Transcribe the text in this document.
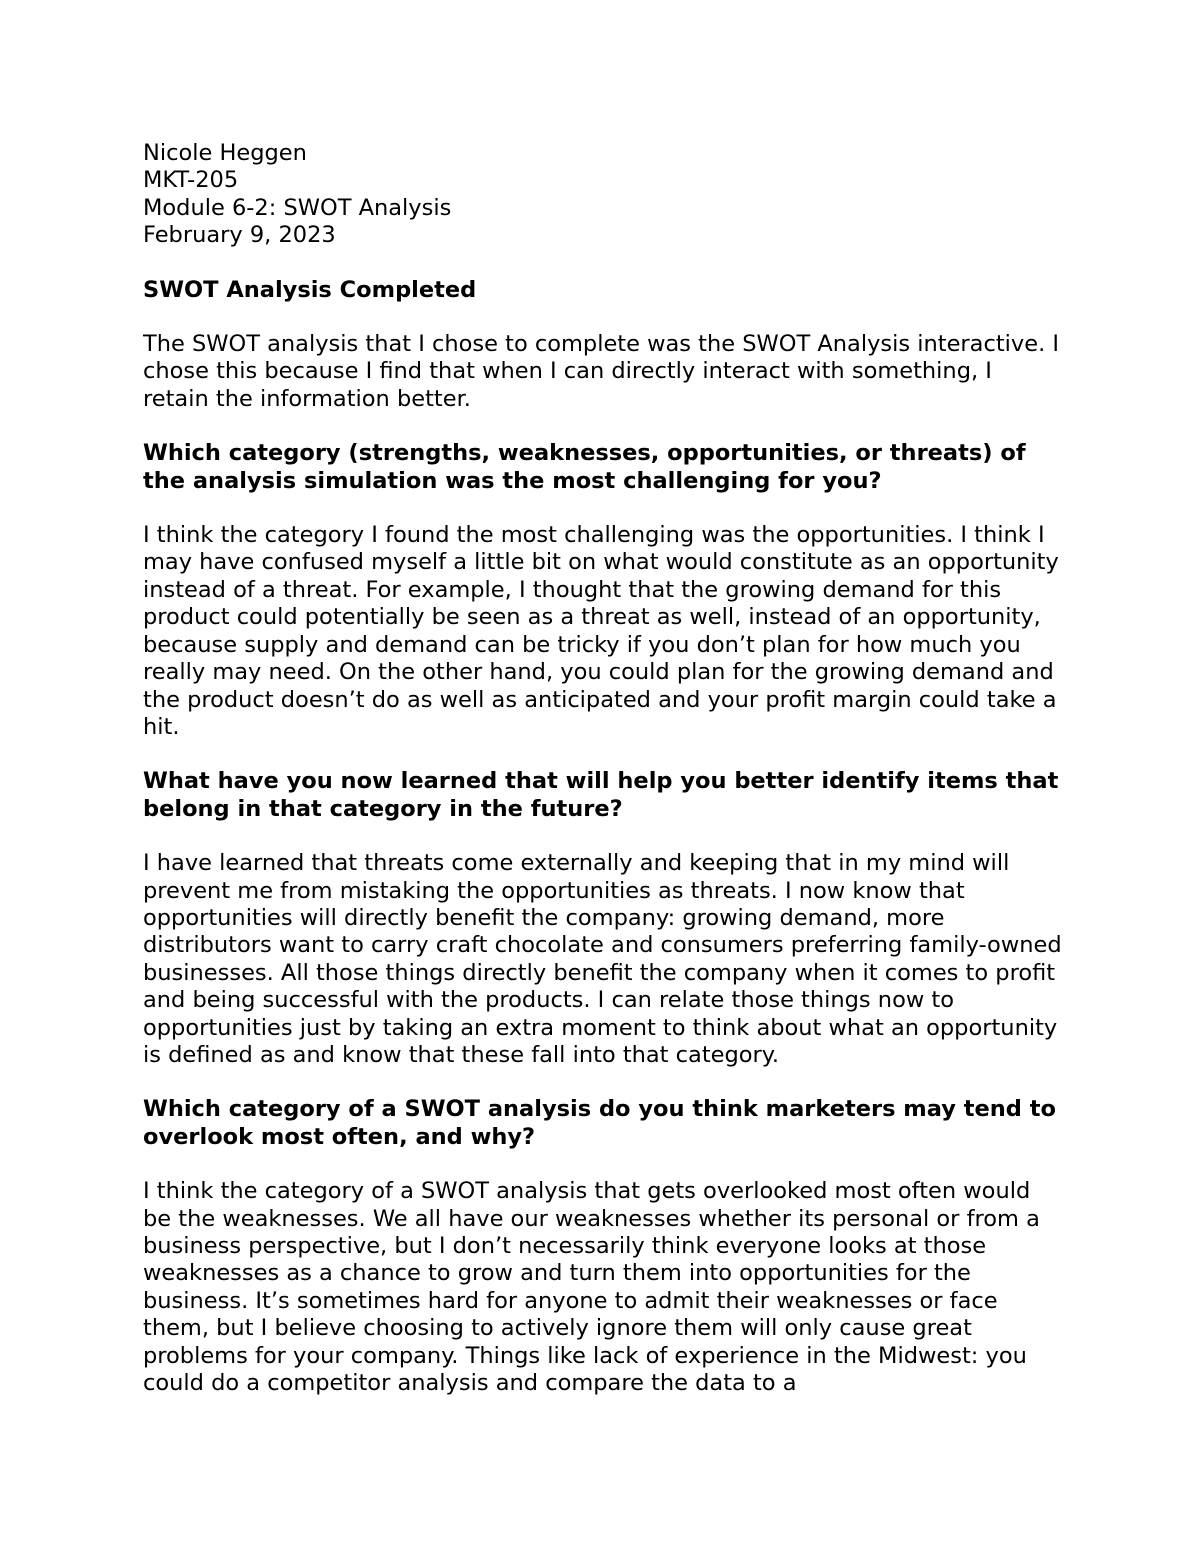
Nicole Heggen
MKT-205
Module 6-2: SWOT Analysis
February 9, 2023
SWOT Analysis Completed
The SWOT analysis that I chose to complete was the SWOT Analysis interactive. I chose this because I find that when I can directly interact with something, I retain the information better.
Which category (strengths, weaknesses, opportunities, or threats) of the analysis simulation was the most challenging for you?
I think the category I found the most challenging was the opportunities. I think I may have confused myself a little bit on what would constitute as an opportunity instead of a threat. For example, I thought that the growing demand for this product could potentially be seen as a threat as well, instead of an opportunity, because supply and demand can be tricky if you don’t plan for how much you really may need. On the other hand, you could plan for the growing demand and the product doesn’t do as well as anticipated and your profit margin could take a hit.
What have you now learned that will help you better identify items that belong in that category in the future?
I have learned that threats come externally and keeping that in my mind will prevent me from mistaking the opportunities as threats. I now know that opportunities will directly benefit the company: growing demand, more distributors want to carry craft chocolate and consumers preferring family-owned businesses. All those things directly benefit the company when it comes to profit and being successful with the products. I can relate those things now to opportunities just by taking an extra moment to think about what an opportunity is defined as and know that these fall into that category.
Which category of a SWOT analysis do you think marketers may tend to overlook most often, and why?
I think the category of a SWOT analysis that gets overlooked most often would be the weaknesses. We all have our weaknesses whether its personal or from a business perspective, but I don’t necessarily think everyone looks at those weaknesses as a chance to grow and turn them into opportunities for the business. It’s sometimes hard for anyone to admit their weaknesses or face them, but I believe choosing to actively ignore them will only cause great problems for your company. Things like lack of experience in the Midwest: you could do a competitor analysis and compare the data to a
